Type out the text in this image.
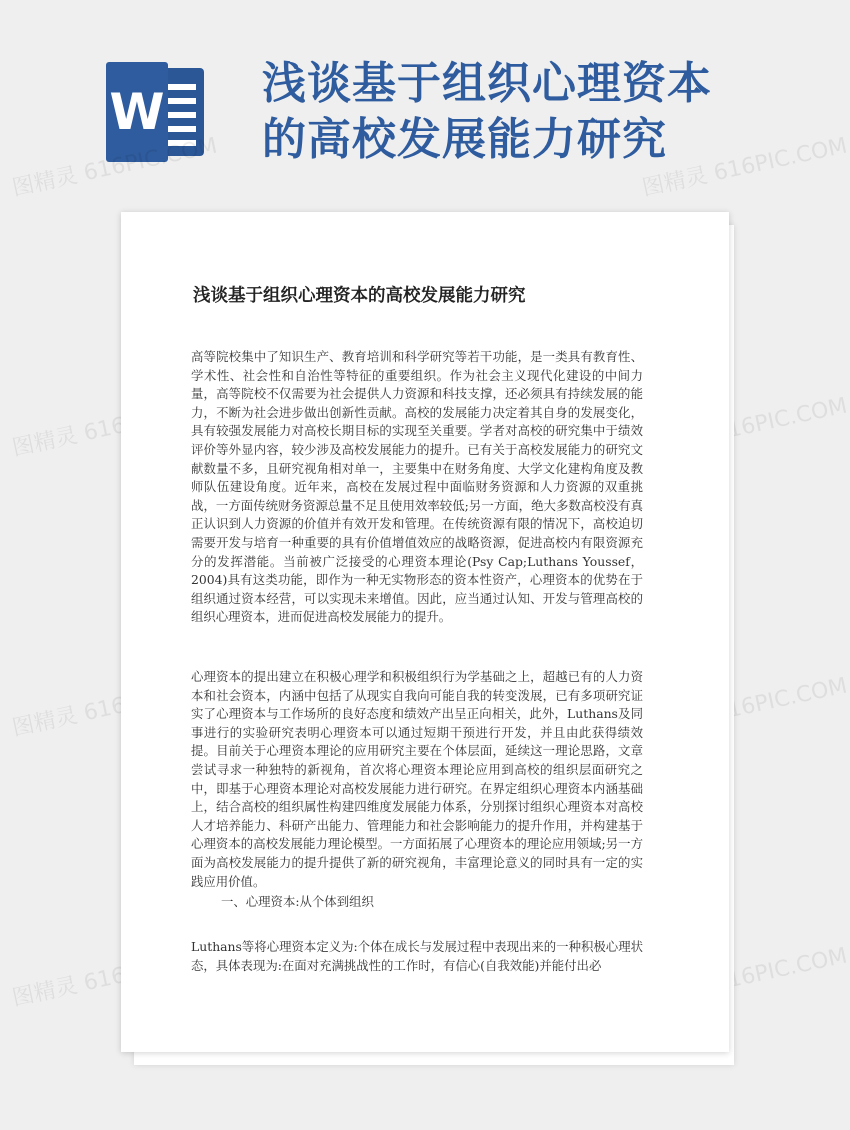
W 浅谈基于组织心理资本
的高校发展能力研究
图精灵 616PIC.COM	图精灵 616PIC.COM
图精灵 616PIC.COM	图精灵 616PIC.COM
图精灵 616PIC.COM	图精灵 616PIC.COM
图精灵 616PIC.COM	图精灵 616PIC.COM
浅谈基于组织心理资本的高校发展能力研究

高等院校集中了知识生产、教育培训和科学研究等若干功能，是一类具有教育性、学术性、社会性和自治性等特征的重要组织。作为社会主义现代化建设的中间力量，高等院校不仅需要为社会提供人力资源和科技支撑，还必须具有持续发展的能力，不断为社会进步做出创新性贡献。高校的发展能力决定着其自身的发展变化，具有较强发展能力对高校长期目标的实现至关重要。学者对高校的研究集中于绩效评价等外显内容，较少涉及高校发展能力的提升。已有关于高校发展能力的研究文献数量不多，且研究视角相对单一，主要集中在财务角度、大学文化建构角度及教师队伍建设角度。近年来，高校在发展过程中面临财务资源和人力资源的双重挑战，一方面传统财务资源总量不足且使用效率较低;另一方面，绝大多数高校没有真正认识到人力资源的价值并有效开发和管理。在传统资源有限的情况下，高校迫切需要开发与培育一种重要的具有价值增值效应的战略资源，促进高校内有限资源充分的发挥潜能。当前被广泛接受的心理资本理论(Psy Cap;Luthans Youssef，2004)具有这类功能，即作为一种无实物形态的资本性资产，心理资本的优势在于组织通过资本经营，可以实现未来增值。因此，应当通过认知、开发与管理高校的组织心理资本，进而促进高校发展能力的提升。

心理资本的提出建立在积极心理学和积极组织行为学基础之上，超越已有的人力资本和社会资本，内涵中包括了从现实自我向可能自我的转变泼展，已有多项研究证实了心理资本与工作场所的良好态度和绩效产出呈正向相关，此外，Luthans及同事进行的实验研究表明心理资本可以通过短期干预进行开发，并且由此获得绩效提。目前关于心理资本理论的应用研究主要在个体层面，延续这一理论思路，文章尝试寻求一种独特的新视角，首次将心理资本理论应用到高校的组织层面研究之中，即基于心理资本理论对高校发展能力进行研究。在界定组织心理资本内涵基础上，结合高校的组织属性构建四维度发展能力体系，分别探讨组织心理资本对高校人才培养能力、科研产出能力、管理能力和社会影响能力的提升作用，并构建基于心理资本的高校发展能力理论模型。一方面拓展了心理资本的理论应用领域;另一方面为高校发展能力的提升提供了新的研究视角，丰富理论意义的同时具有一定的实践应用价值。

一、心理资本:从个体到组织

Luthans等将心理资本定义为:个体在成长与发展过程中表现出来的一种积极心理状态，具体表现为:在面对充满挑战性的工作时，有信心(自我效能)并能付出必
